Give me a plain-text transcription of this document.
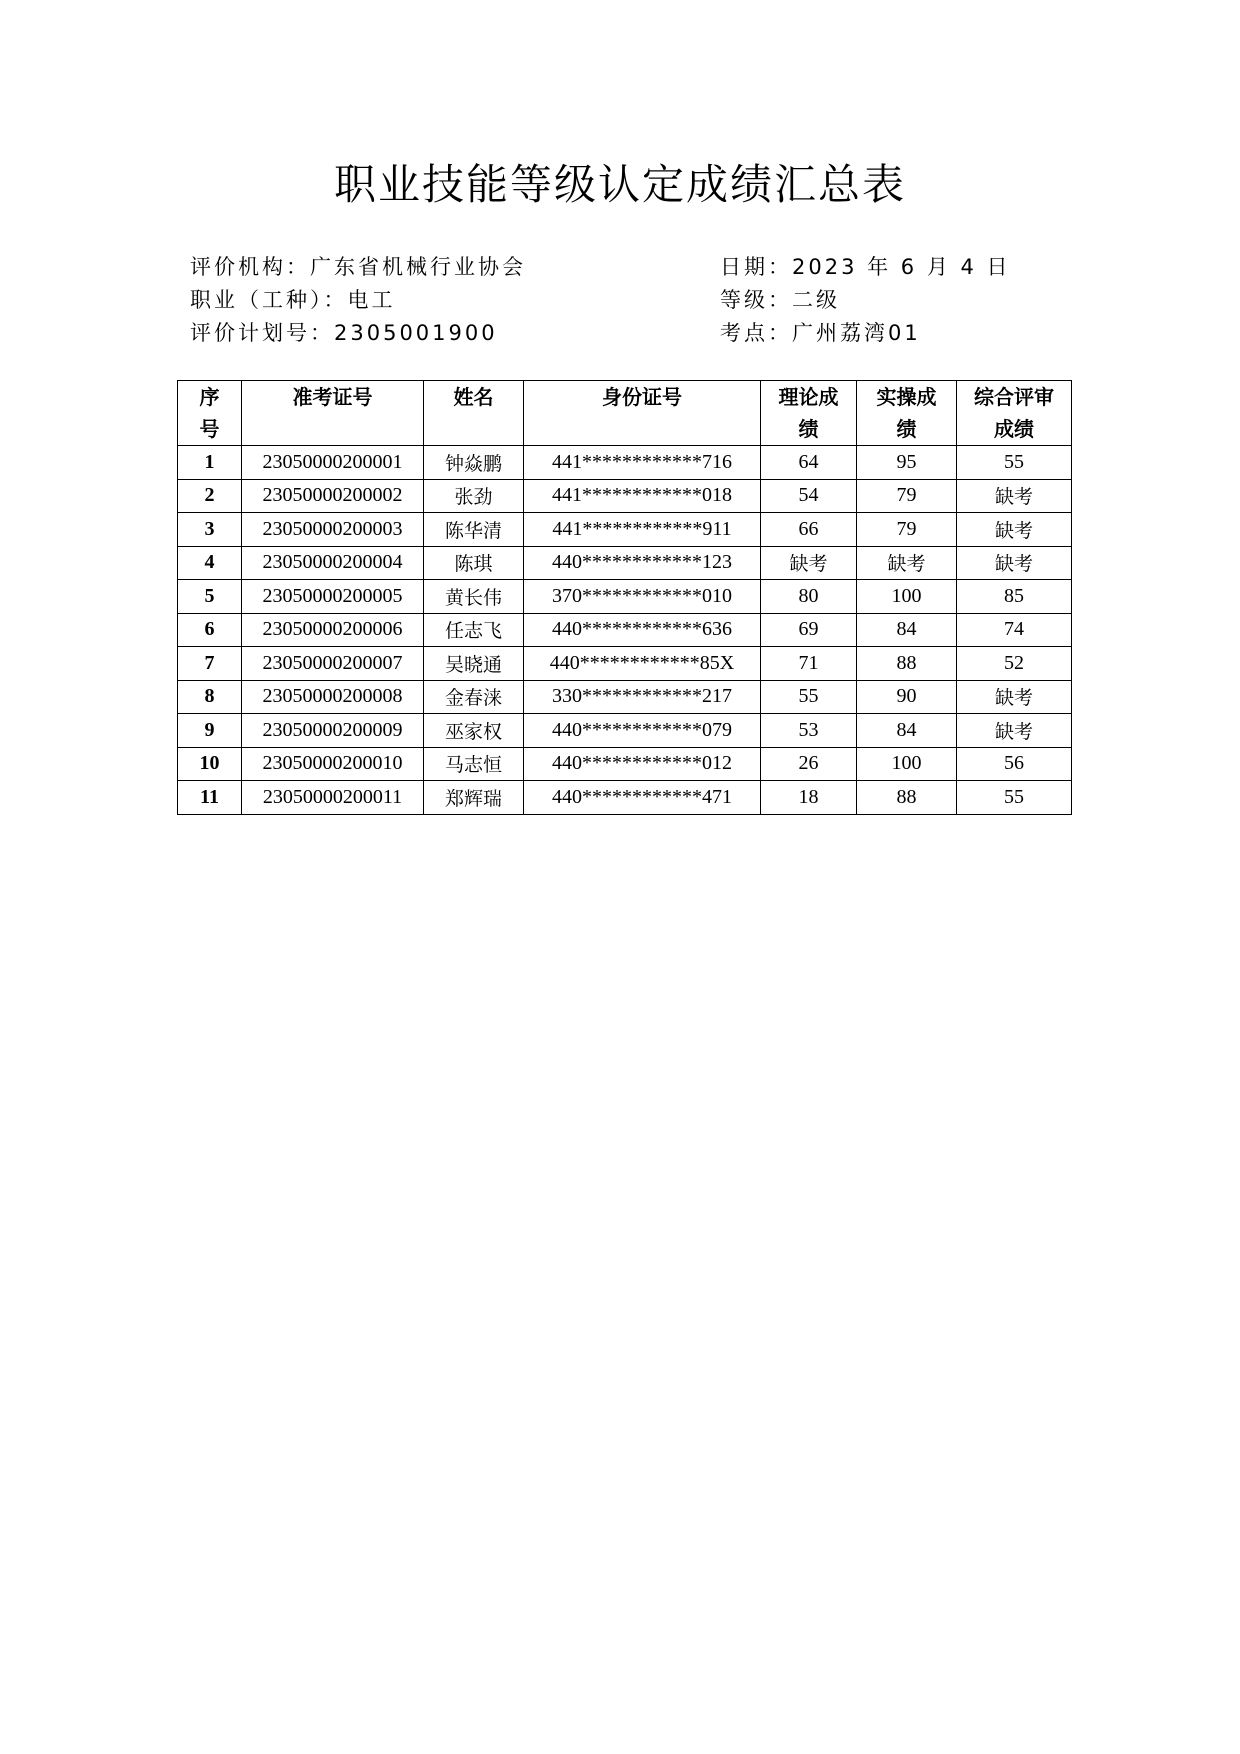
职业技能等级认定成绩汇总表
评价机构：广东省机械行业协会	日期：2023 年 6 月 4 日
职业（工种）：电工	等级：二级
评价计划号：2305001900	考点：广州荔湾01
序号	准考证号	姓名	身份证号	理论成绩	实操成绩	综合评审成绩
1	23050000200001	钟焱鹏	441************716	64	95	55
2	23050000200002	张劲	441************018	54	79	缺考
3	23050000200003	陈华清	441************911	66	79	缺考
4	23050000200004	陈琪	440************123	缺考	缺考	缺考
5	23050000200005	黄长伟	370************010	80	100	85
6	23050000200006	任志飞	440************636	69	84	74
7	23050000200007	吴晓通	440************85X	71	88	52
8	23050000200008	金春涞	330************217	55	90	缺考
9	23050000200009	巫家权	440************079	53	84	缺考
10	23050000200010	马志恒	440************012	26	100	56
11	23050000200011	郑辉瑞	440************471	18	88	55
